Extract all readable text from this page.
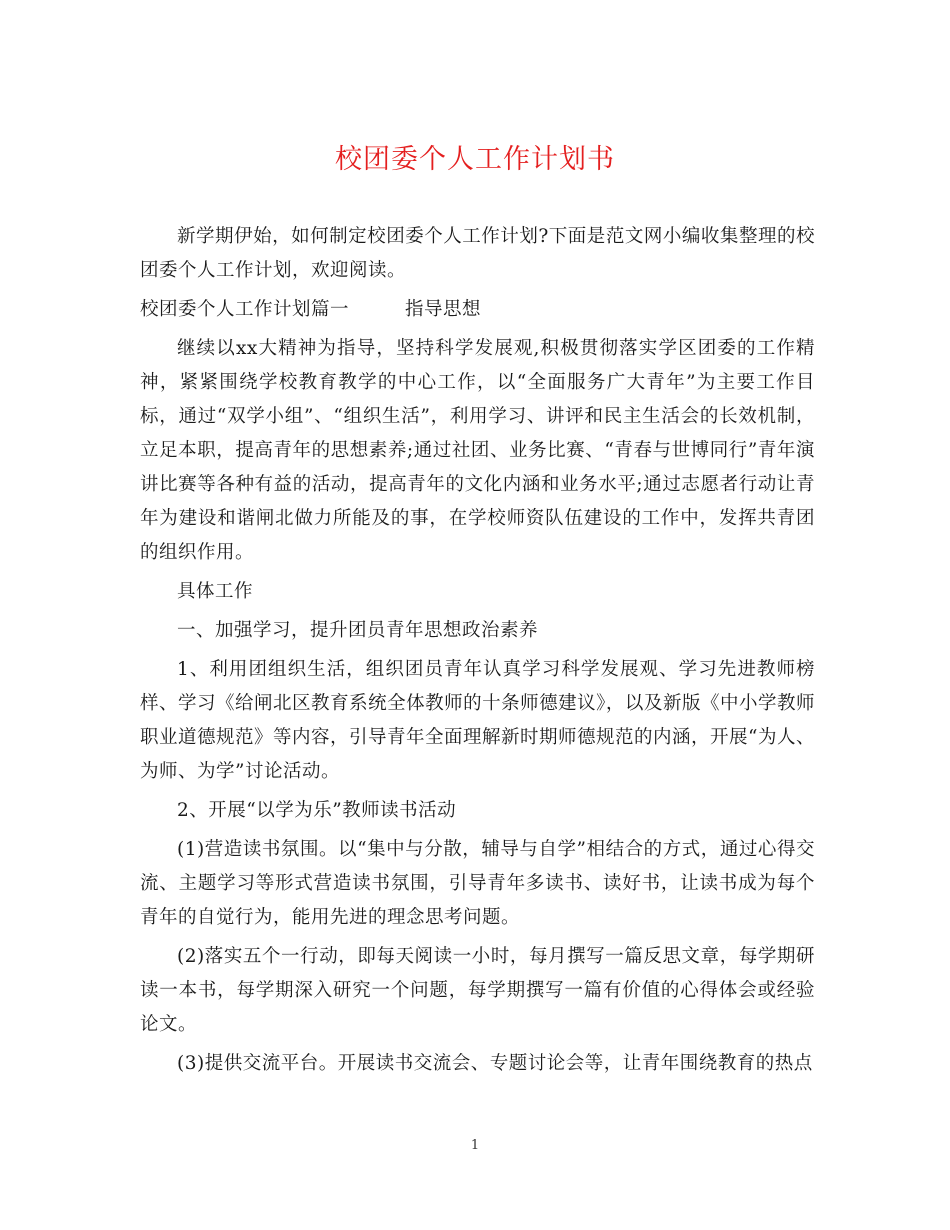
校团委个人工作计划书

新学期伊始，如何制定校团委个人工作计划?下面是范文网小编收集整理的校团委个人工作计划，欢迎阅读。

校团委个人工作计划篇一	指导思想

继续以xx大精神为指导，坚持科学发展观,积极贯彻落实学区团委的工作精神，紧紧围绕学校教育教学的中心工作，以“全面服务广大青年”为主要工作目标，通过“双学小组”、“组织生活”，利用学习、讲评和民主生活会的长效机制，立足本职，提高青年的思想素养;通过社团、业务比赛、“青春与世博同行”青年演讲比赛等各种有益的活动，提高青年的文化内涵和业务水平;通过志愿者行动让青年为建设和谐闸北做力所能及的事，在学校师资队伍建设的工作中，发挥共青团的组织作用。

具体工作

一、加强学习，提升团员青年思想政治素养

1、利用团组织生活，组织团员青年认真学习科学发展观、学习先进教师榜样、学习《给闸北区教育系统全体教师的十条师德建议》，以及新版《中小学教师职业道德规范》等内容，引导青年全面理解新时期师德规范的内涵，开展“为人、为师、为学”讨论活动。

2、开展“以学为乐”教师读书活动

(1)营造读书氛围。以“集中与分散，辅导与自学”相结合的方式，通过心得交流、主题学习等形式营造读书氛围，引导青年多读书、读好书，让读书成为每个青年的自觉行为，能用先进的理念思考问题。

(2)落实五个一行动，即每天阅读一小时，每月撰写一篇反思文章，每学期研读一本书，每学期深入研究一个问题，每学期撰写一篇有价值的心得体会或经验论文。

(3)提供交流平台。开展读书交流会、专题讨论会等，让青年围绕教育的热点

1
